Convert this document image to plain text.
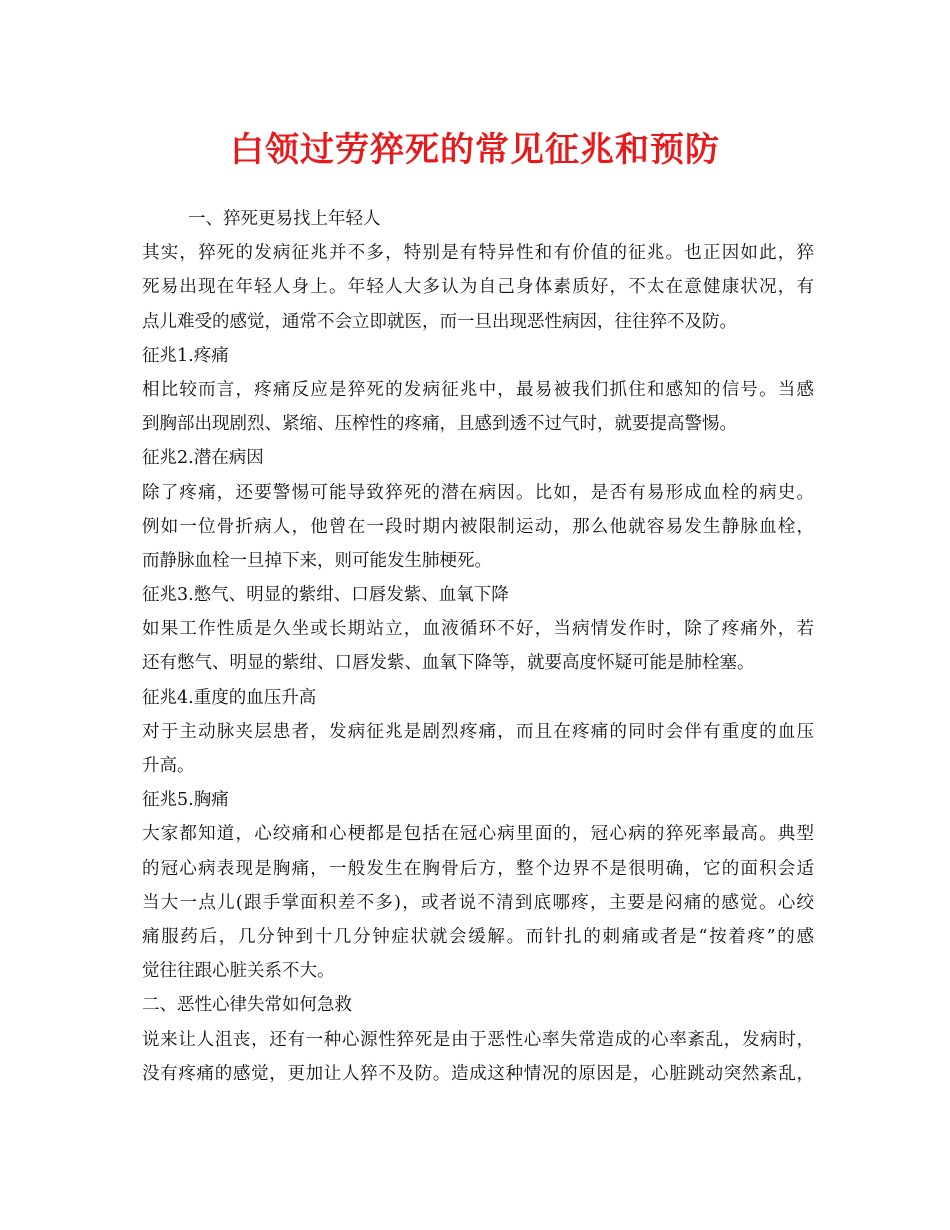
白领过劳猝死的常见征兆和预防
一、猝死更易找上年轻人
其实，猝死的发病征兆并不多，特别是有特异性和有价值的征兆。也正因如此，猝
死易出现在年轻人身上。年轻人大多认为自己身体素质好，不太在意健康状况，有
点儿难受的感觉，通常不会立即就医，而一旦出现恶性病因，往往猝不及防。
征兆1.疼痛
相比较而言，疼痛反应是猝死的发病征兆中，最易被我们抓住和感知的信号。当感
到胸部出现剧烈、紧缩、压榨性的疼痛，且感到透不过气时，就要提高警惕。
征兆2.潜在病因
除了疼痛，还要警惕可能导致猝死的潜在病因。比如，是否有易形成血栓的病史。
例如一位骨折病人，他曾在一段时期内被限制运动，那么他就容易发生静脉血栓，
而静脉血栓一旦掉下来，则可能发生肺梗死。
征兆3.憋气、明显的紫绀、口唇发紫、血氧下降
如果工作性质是久坐或长期站立，血液循环不好，当病情发作时，除了疼痛外，若
还有憋气、明显的紫绀、口唇发紫、血氧下降等，就要高度怀疑可能是肺栓塞。
征兆4.重度的血压升高
对于主动脉夹层患者，发病征兆是剧烈疼痛，而且在疼痛的同时会伴有重度的血压
升高。
征兆5.胸痛
大家都知道，心绞痛和心梗都是包括在冠心病里面的，冠心病的猝死率最高。典型
的冠心病表现是胸痛，一般发生在胸骨后方，整个边界不是很明确，它的面积会适
当大一点儿(跟手掌面积差不多)，或者说不清到底哪疼，主要是闷痛的感觉。心绞
痛服药后，几分钟到十几分钟症状就会缓解。而针扎的刺痛或者是“按着疼”的感
觉往往跟心脏关系不大。
二、恶性心律失常如何急救
说来让人沮丧，还有一种心源性猝死是由于恶性心率失常造成的心率紊乱，发病时，
没有疼痛的感觉，更加让人猝不及防。造成这种情况的原因是，心脏跳动突然紊乱，
